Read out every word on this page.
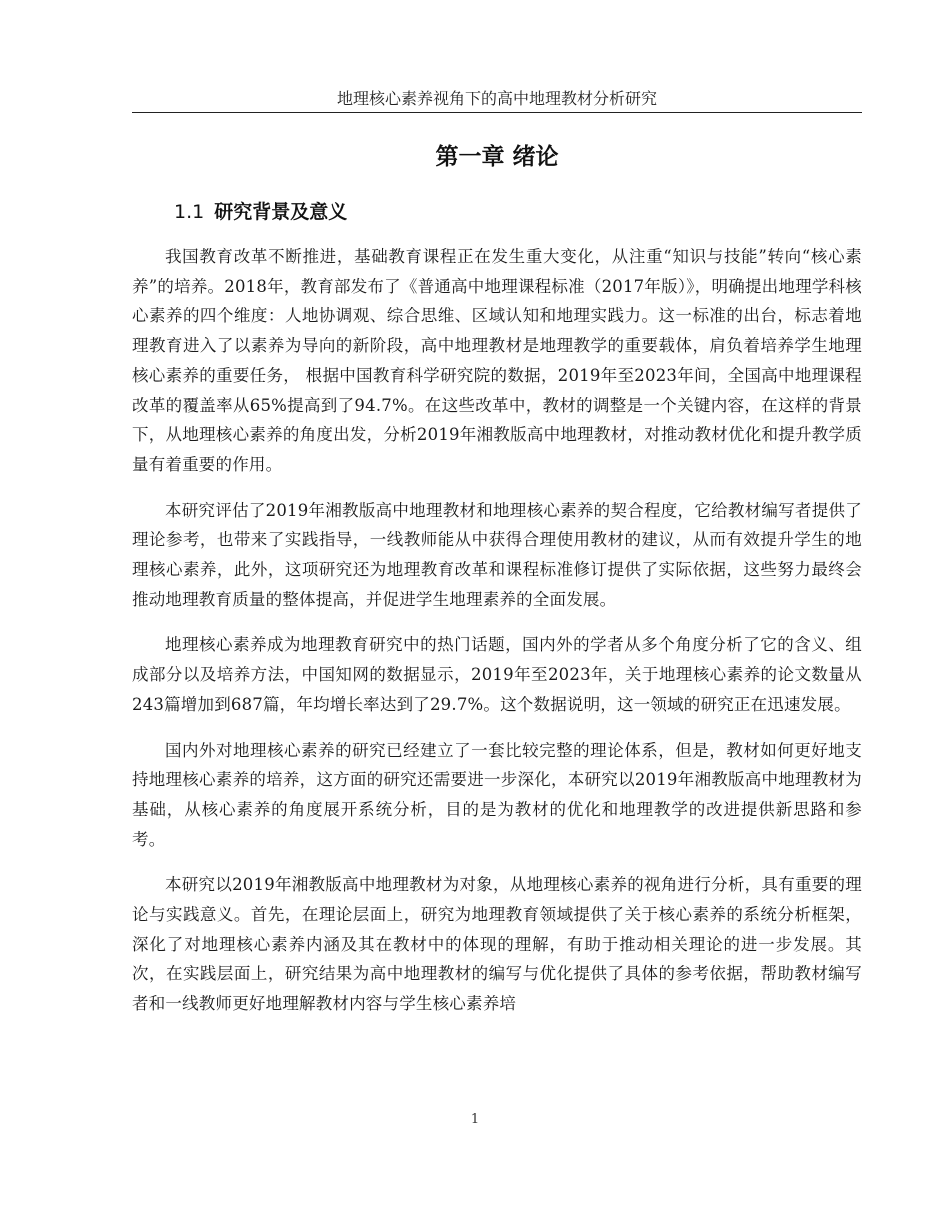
地理核心素养视角下的高中地理教材分析研究
第一章 绪论
1.1 研究背景及意义

我国教育改革不断推进，基础教育课程正在发生重大变化，从注重“知识与技能”转向“核心素养”的培养。2018年，教育部发布了《普通高中地理课程标准（2017年版）》，明确提出地理学科核心素养的四个维度：人地协调观、综合思维、区域认知和地理实践力。这一标准的出台，标志着地理教育进入了以素养为导向的新阶段，高中地理教材是地理教学的重要载体，肩负着培养学生地理核心素养的重要任务， 根据中国教育科学研究院的数据，2019年至2023年间，全国高中地理课程改革的覆盖率从65%提高到了94.7%。在这些改革中，教材的调整是一个关键内容，在这样的背景下，从地理核心素养的角度出发，分析2019年湘教版高中地理教材，对推动教材优化和提升教学质量有着重要的作用。

本研究评估了2019年湘教版高中地理教材和地理核心素养的契合程度，它给教材编写者提供了理论参考，也带来了实践指导，一线教师能从中获得合理使用教材的建议，从而有效提升学生的地理核心素养，此外，这项研究还为地理教育改革和课程标准修订提供了实际依据，这些努力最终会推动地理教育质量的整体提高，并促进学生地理素养的全面发展。

地理核心素养成为地理教育研究中的热门话题，国内外的学者从多个角度分析了它的含义、组成部分以及培养方法，中国知网的数据显示，2019年至2023年，关于地理核心素养的论文数量从243篇增加到687篇，年均增长率达到了29.7%。这个数据说明，这一领域的研究正在迅速发展。

国内外对地理核心素养的研究已经建立了一套比较完整的理论体系，但是，教材如何更好地支持地理核心素养的培养，这方面的研究还需要进一步深化，本研究以2019年湘教版高中地理教材为基础，从核心素养的角度展开系统分析，目的是为教材的优化和地理教学的改进提供新思路和参考。

本研究以2019年湘教版高中地理教材为对象，从地理核心素养的视角进行分析，具有重要的理论与实践意义。首先，在理论层面上，研究为地理教育领域提供了关于核心素养的系统分析框架，深化了对地理核心素养内涵及其在教材中的体现的理解，有助于推动相关理论的进一步发展。其次，在实践层面上，研究结果为高中地理教材的编写与优化提供了具体的参考依据，帮助教材编写者和一线教师更好地理解教材内容与学生核心素养培

1
